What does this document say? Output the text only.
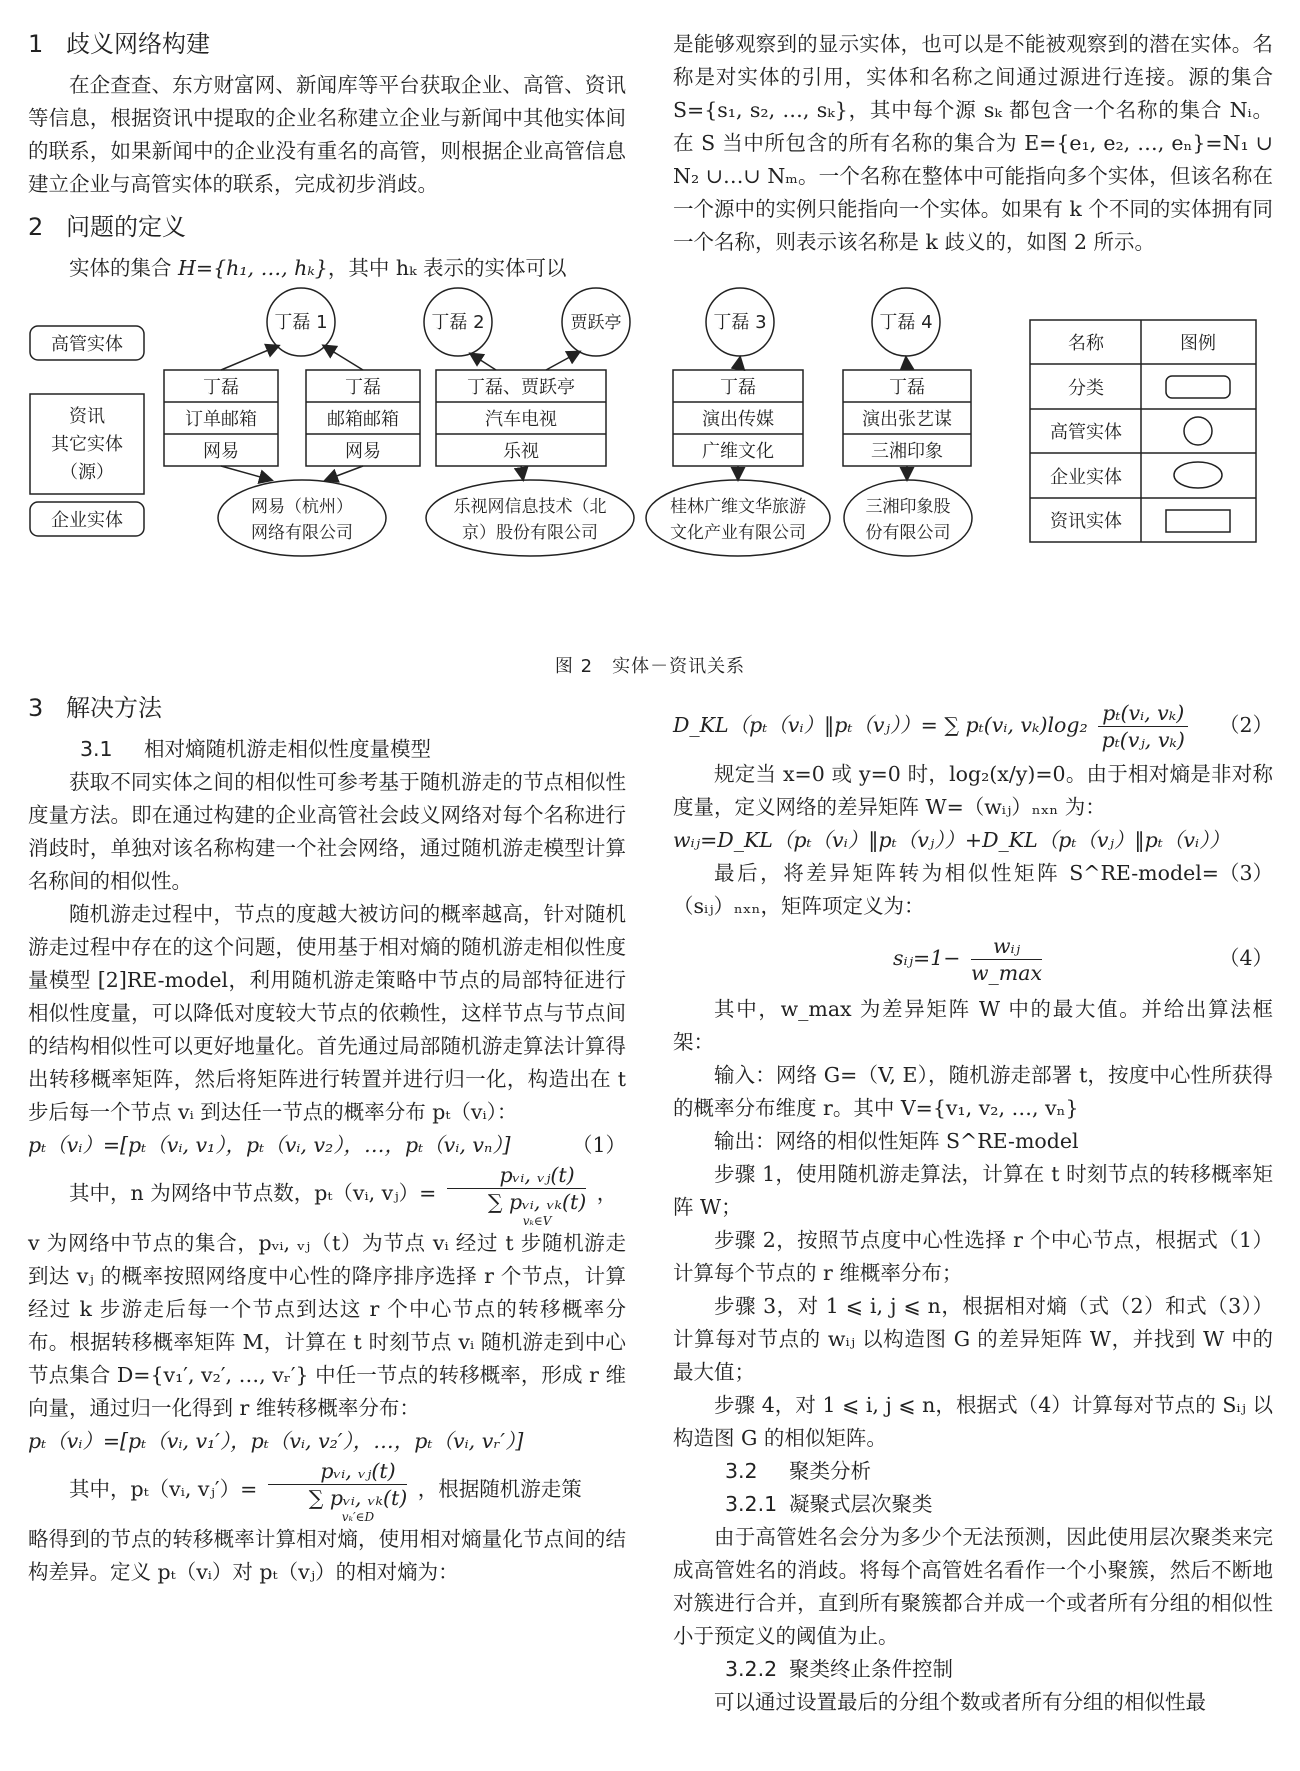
1 歧义网络构建

在企查查、东方财富网、新闻库等平台获取企业、高管、资讯等信息，根据资讯中提取的企业名称建立企业与新闻中其他实体间的联系，如果新闻中的企业没有重名的高管，则根据企业高管信息建立企业与高管实体的联系，完成初步消歧。

2 问题的定义

实体的集合 H={h₁, …, hₖ}，其中 hₖ 表示的实体可以

是能够观察到的显示实体，也可以是不能被观察到的潜在实体。名称是对实体的引用，实体和名称之间通过源进行连接。源的集合 S={s₁, s₂, …, sₖ}，其中每个源 sₖ 都包含一个名称的集合 Nᵢ。在 S 当中所包含的所有名称的集合为 E={e₁, e₂, …, eₙ}=N₁ ∪ N₂ ∪…∪ Nₘ。一个名称在整体中可能指向多个实体，但该名称在一个源中的实例只能指向一个实体。如果有 k 个不同的实体拥有同一个名称，则表示该名称是 k 歧义的，如图 2 所示。

高管实体
资讯
其它实体
（源）
企业实体
丁磊 1	丁磊 2	贾跃亭	丁磊 3	丁磊 4
丁磊
订单邮箱
网易
丁磊
邮箱邮箱
网易
丁磊、贾跃亭
汽车电视
乐视
丁磊
演出传媒
广维文化
丁磊
演出张艺谋
三湘印象
网易（杭州）
网络有限公司
乐视网信息技术（北
京）股份有限公司
桂林广维文华旅游
文化产业有限公司
三湘印象股
份有限公司
名称	图例
分类
高管实体
企业实体
资讯实体
图 2　实体－资讯关系
3 解决方法
3.1 相对熵随机游走相似性度量模型

获取不同实体之间的相似性可参考基于随机游走的节点相似性度量方法。即在通过构建的企业高管社会歧义网络对每个名称进行消歧时，单独对该名称构建一个社会网络，通过随机游走模型计算名称间的相似性。

随机游走过程中，节点的度越大被访问的概率越高，针对随机游走过程中存在的这个问题，使用基于相对熵的随机游走相似性度量模型 [2]RE-model，利用随机游走策略中节点的局部特征进行相似性度量，可以降低对度较大节点的依赖性，这样节点与节点间的结构相似性可以更好地量化。首先通过局部随机游走算法计算得出转移概率矩阵，然后将矩阵进行转置并进行归一化，构造出在 t 步后每一个节点 vᵢ 到达任一节点的概率分布 pₜ（vᵢ）：

pₜ（vᵢ）=[pₜ（vᵢ, v₁），pₜ（vᵢ, v₂），…，pₜ（vᵢ, vₙ）]	（1）

其中，n 为网络中节点数，pₜ（vᵢ, vⱼ）=
pᵥᵢ, ᵥⱼ(t)
∑ pᵥᵢ, ᵥₖ(t)
vₖ∈V
，

v 为网络中节点的集合，pᵥᵢ, ᵥⱼ（t）为节点 vᵢ 经过 t 步随机游走到达 vⱼ 的概率按照网络度中心性的降序排序选择 r 个节点，计算经过 k 步游走后每一个节点到达这 r 个中心节点的转移概率分布。根据转移概率矩阵 M，计算在 t 时刻节点 vᵢ 随机游走到中心节点集合 D={v₁′, v₂′, …, vᵣ′} 中任一节点的转移概率，形成 r 维向量，通过归一化得到 r 维转移概率分布：

pₜ（vᵢ）=[pₜ（vᵢ, v₁′），pₜ（vᵢ, v₂′），…，pₜ（vᵢ, vᵣ′）]

其中，pₜ（vᵢ, vⱼ′）=
pᵥᵢ, ᵥⱼ(t)
∑ pᵥᵢ, ᵥₖ(t)
vₖ′∈D
，根据随机游走策

略得到的节点的转移概率计算相对熵，使用相对熵量化节点间的结构差异。定义 pₜ（vᵢ）对 pₜ（vⱼ）的相对熵为：

D_KL（pₜ（vᵢ）‖pₜ（vⱼ））= ∑ pₜ(vᵢ, $v_k)\log_2 \frac{\text{pₜ(vᵢ, vₖ)}}{\text{pₜ(vⱼ, vₖ)}} (2)$

规定当 x=0 或 y=0 时，log₂(x/y)=0。由于相对熵是非对称度量，定义网络的差异矩阵 W=（wᵢⱼ）ₙₓₙ 为：

wᵢⱼ=D_KL（pₜ（vᵢ）‖pₜ（vⱼ））+D_KL（pₜ（vⱼ）‖pₜ（vᵢ））
（3）

最后，将差异矩阵转为相似性矩阵 S^RE-model=（sᵢⱼ）ₙₓₙ，矩阵项定义为：

sᵢⱼ=1− $\frac{\text{wᵢⱼ}}{w\_\max}$	（4）

其中，w_max 为差异矩阵 W 中的最大值。并给出算法框架：

输入：网络 G=（V, E），随机游走部署 t，按度中心性所获得的概率分布维度 r。其中 V={v₁, v₂, …, vₙ}

输出：网络的相似性矩阵 S^RE-model

步骤 1，使用随机游走算法，计算在 t 时刻节点的转移概率矩阵 W；

步骤 2，按照节点度中心性选择 r 个中心节点，根据式（1）计算每个节点的 r 维概率分布；

步骤 3，对 1 ⩽ i, j ⩽ n，根据相对熵（式（2）和式（3））计算每对节点的 wᵢⱼ 以构造图 G 的差异矩阵 W，并找到 W 中的最大值；

步骤 4，对 1 ⩽ i, j ⩽ n，根据式（4）计算每对节点的 Sᵢⱼ 以构造图 G 的相似矩阵。

3.2 聚类分析
3.2.1 凝聚式层次聚类

由于高管姓名会分为多少个无法预测，因此使用层次聚类来完成高管姓名的消歧。将每个高管姓名看作一个小聚簇，然后不断地对簇进行合并，直到所有聚簇都合并成一个或者所有分组的相似性小于预定义的阈值为止。

3.2.2 聚类终止条件控制

可以通过设置最后的分组个数或者所有分组的相似性最
